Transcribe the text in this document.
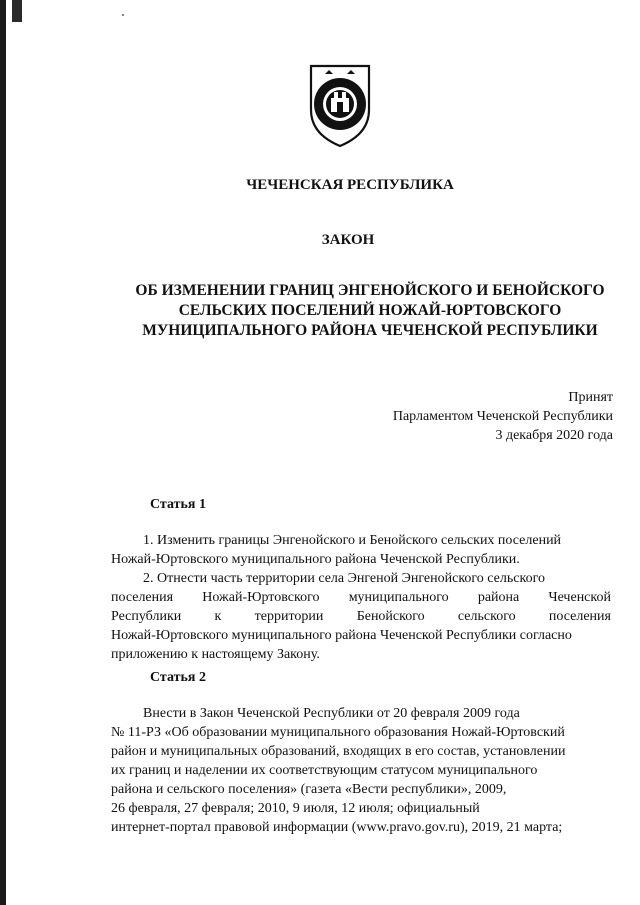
ЧЕЧЕНСКАЯ РЕСПУБЛИКА
ЗАКОН
ОБ ИЗМЕНЕНИИ ГРАНИЦ ЭНГЕНОЙСКОГО И БЕНОЙСКОГО
СЕЛЬСКИХ ПОСЕЛЕНИЙ НОЖАЙ-ЮРТОВСКОГО
МУНИЦИПАЛЬНОГО РАЙОНА ЧЕЧЕНСКОЙ РЕСПУБЛИКИ
Принят
Парламентом Чеченской Республики
3 декабря 2020 года
Статья 1
1. Изменить границы Энгенойского и Бенойского сельских поселений
Ножай-Юртовского муниципального района Чеченской Республики.
2. Отнести часть территории села Энгеной Энгенойского сельского
поселения Ножай-Юртовского муниципального района Чеченской
Республики к территории Бенойского сельского поселения
Ножай-Юртовского муниципального района Чеченской Республики согласно
приложению к настоящему Закону.
Статья 2
Внести в Закон Чеченской Республики от 20 февраля 2009 года
№ 11-РЗ «Об образовании муниципального образования Ножай-Юртовский
район и муниципальных образований, входящих в его состав, установлении
их границ и наделении их соответствующим статусом муниципального
района и сельского поселения» (газета «Вести республики», 2009,
26 февраля, 27 февраля; 2010, 9 июля, 12 июля; официальный
интернет-портал правовой информации (www.pravo.gov.ru), 2019, 21 марта;
